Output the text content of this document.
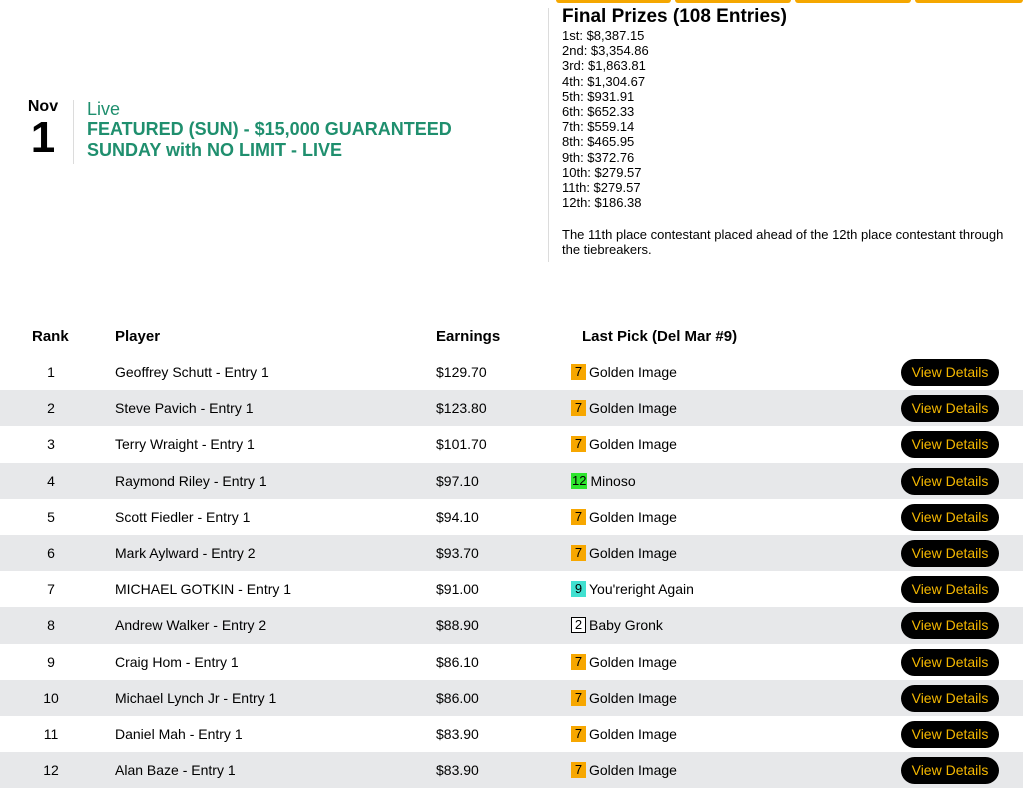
Nov
1
Live
FEATURED (SUN) - $15,000 GUARANTEED
SUNDAY with NO LIMIT - LIVE
Final Prizes (108 Entries)
1st: $8,387.15
2nd: $3,354.86
3rd: $1,863.81
4th: $1,304.67
5th: $931.91
6th: $652.33
7th: $559.14
8th: $465.95
9th: $372.76
10th: $279.57
11th: $279.57
12th: $186.38
The 11th place contestant placed ahead of the 12th place contestant through the tiebreakers.
Rank	Player	Earnings	Last Pick (Del Mar #9)
1	Geoffrey Schutt - Entry 1	$129.70	7 Golden Image	View Details
2	Steve Pavich - Entry 1	$123.80	7 Golden Image	View Details
3	Terry Wraight - Entry 1	$101.70	7 Golden Image	View Details
4	Raymond Riley - Entry 1	$97.10	12 Minoso	View Details
5	Scott Fiedler - Entry 1	$94.10	7 Golden Image	View Details
6	Mark Aylward - Entry 2	$93.70	7 Golden Image	View Details
7	MICHAEL GOTKIN - Entry 1	$91.00	9 You'reright Again	View Details
8	Andrew Walker - Entry 2	$88.90	2 Baby Gronk	View Details
9	Craig Hom - Entry 1	$86.10	7 Golden Image	View Details
10	Michael Lynch Jr - Entry 1	$86.00	7 Golden Image	View Details
11	Daniel Mah - Entry 1	$83.90	7 Golden Image	View Details
12	Alan Baze - Entry 1	$83.90	7 Golden Image	View Details
